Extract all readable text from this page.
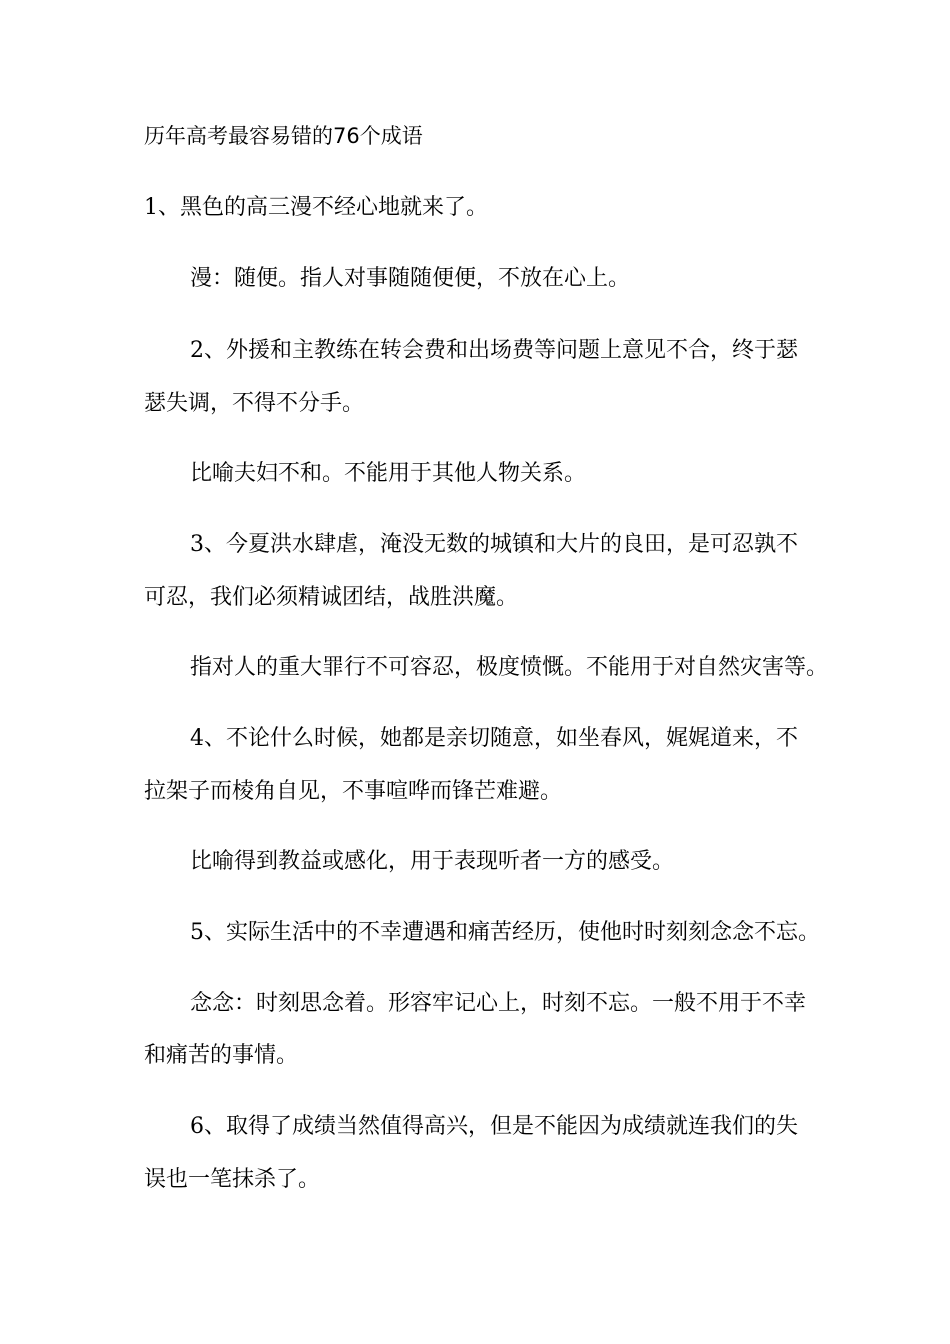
历年高考最容易错的76个成语
1、黑色的高三漫不经心地就来了。
漫：随便。指人对事随随便便，不放在心上。
2、外援和主教练在转会费和出场费等问题上意见不合，终于瑟
瑟失调，不得不分手。
比喻夫妇不和。不能用于其他人物关系。
3、今夏洪水肆虐，淹没无数的城镇和大片的良田，是可忍孰不
可忍，我们必须精诚团结，战胜洪魔。
指对人的重大罪行不可容忍，极度愤慨。不能用于对自然灾害等。
4、不论什么时候，她都是亲切随意，如坐春风，娓娓道来，不
拉架子而棱角自见，不事喧哗而锋芒难避。
比喻得到教益或感化，用于表现听者一方的感受。
5、实际生活中的不幸遭遇和痛苦经历，使他时时刻刻念念不忘。
念念：时刻思念着。形容牢记心上，时刻不忘。一般不用于不幸
和痛苦的事情。
6、取得了成绩当然值得高兴，但是不能因为成绩就连我们的失
误也一笔抹杀了。
